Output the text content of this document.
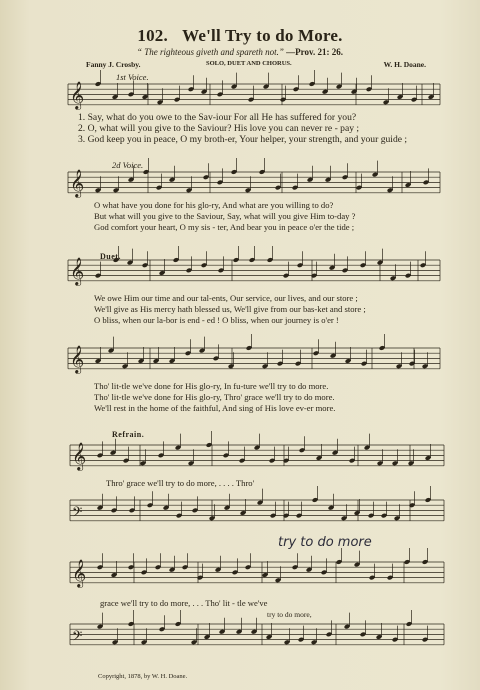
102. We'll Try to do More.
“ The righteous giveth and spareth not.” —Prov. 21: 26.
Fanny J. Crosby.	SOLO, DUET AND CHORUS.	W. H. Doane.
𝄞
𝄞
𝄞
𝄞
𝄞
𝄢
𝄞
𝄢
1st Voice.
1. Say, what do you owe to the Sav-iour For all He has suffered for you?
2. O, what will you give to the Saviour? His love you can never re - pay ;
3. God keep you in peace, O my broth-er, Your helper, your strength, and your guide ;
2d Voice.
O what have you done for his glo-ry, And what are you willing to do?
But what will you give to the Saviour, Say, what will you give Him to-day ?
God comfort your heart, O my sis - ter, And bear you in peace o'er the tide ;
Duet.
We owe Him our time and our tal-ents, Our service, our lives, and our store ;
We'll give as His mercy hath blessed us, We'll give from our bas-ket and store ;
O bliss, when our la-bor is end - ed ! O bliss, when our journey is o'er !
Tho' lit-tle we've done for His glo-ry, In fu-ture we'll try to do more.
Tho' lit-tle we've done for His glo-ry, Thro' grace we'll try to do more.
We'll rest in the home of the faithful, And sing of His love ev-er more.
Refrain.
Thro' grace we'll try to do more, . . . . Thro'
try to do more
grace we'll try to do more, . . . Tho' lit - tle we've
try to do more,
Copyright, 1878, by W. H. Doane.
